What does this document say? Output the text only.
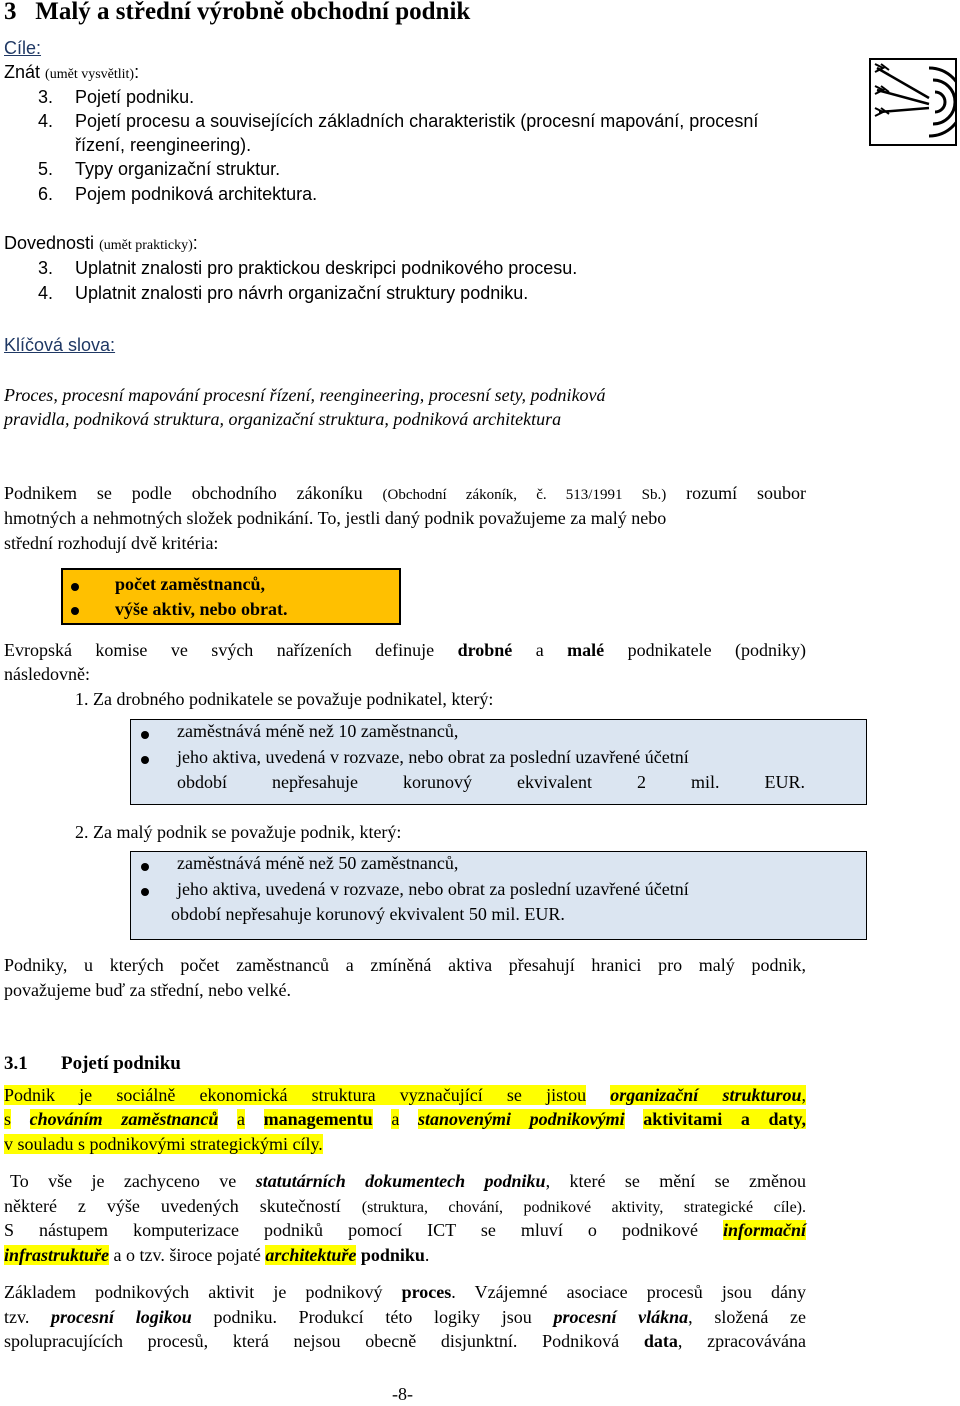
3 Malý a střední výrobně obchodní podnik
Cíle:
Znát (umět vysvětlit):
3. Pojetí podniku.
4. Pojetí procesu a souvisejících základních charakteristik (procesní mapování, procesní
řízení, reengineering).
5. Typy organizační struktur.
6. Pojem podniková architektura.
Dovednosti (umět prakticky):
3. Uplatnit znalosti pro praktickou deskripci podnikového procesu.
4. Uplatnit znalosti pro návrh organizační struktury podniku.
Klíčová slova:
Proces, procesní mapování procesní řízení, reengineering, procesní sety, podniková
pravidla, podniková struktura, organizační struktura, podniková architektura
Podnikem se podle obchodního zákoníku (Obchodní zákoník, č. 513/1991 Sb.) rozumí soubor
hmotných a nehmotných složek podnikání. To, jestli daný podnik považujeme za malý nebo
střední rozhodují dvě kritéria:
počet zaměstnanců,
výše aktiv, nebo obrat.
Evropská komise ve svých nařízeních definuje drobné a malé podnikatele (podniky)
následovně:
1. Za drobného podnikatele se považuje podnikatel, který:
zaměstnává méně než 10 zaměstnanců,
jeho aktiva, uvedená v rozvaze, nebo obrat za poslední uzavřené účetní
období nepřesahuje korunový ekvivalent 2 mil. EUR.
2. Za malý podnik se považuje podnik, který:
zaměstnává méně než 50 zaměstnanců,
jeho aktiva, uvedená v rozvaze, nebo obrat za poslední uzavřené účetní
období nepřesahuje korunový ekvivalent 50 mil. EUR.
Podniky, u kterých počet zaměstnanců a zmíněná aktiva přesahují hranici pro malý podnik,
považujeme buď za střední, nebo velké.
3.1 Pojetí podniku
Podnik je sociálně ekonomická struktura vyznačující se jistou organizační strukturou,
s chováním zaměstnanců a managementu a stanovenými podnikovými aktivitami a daty,
v souladu s podnikovými strategickými cíly.
To vše je zachyceno ve statutárních dokumentech podniku, které se mění se změnou
některé z výše uvedených skutečností (struktura, chování, podnikové aktivity, strategické cíle).
S nástupem komputerizace podniků pomocí ICT se mluví o podnikové informační
infrastruktuře a o tzv. široce pojaté architektuře podniku.
Základem podnikových aktivit je podnikový proces. Vzájemné asociace procesů jsou dány
tzv. procesní logikou podniku. Produkcí této logiky jsou procesní vlákna, složená ze
spolupracujících procesů, která nejsou obecně disjunktní. Podniková data, zpracovávána
-8-
